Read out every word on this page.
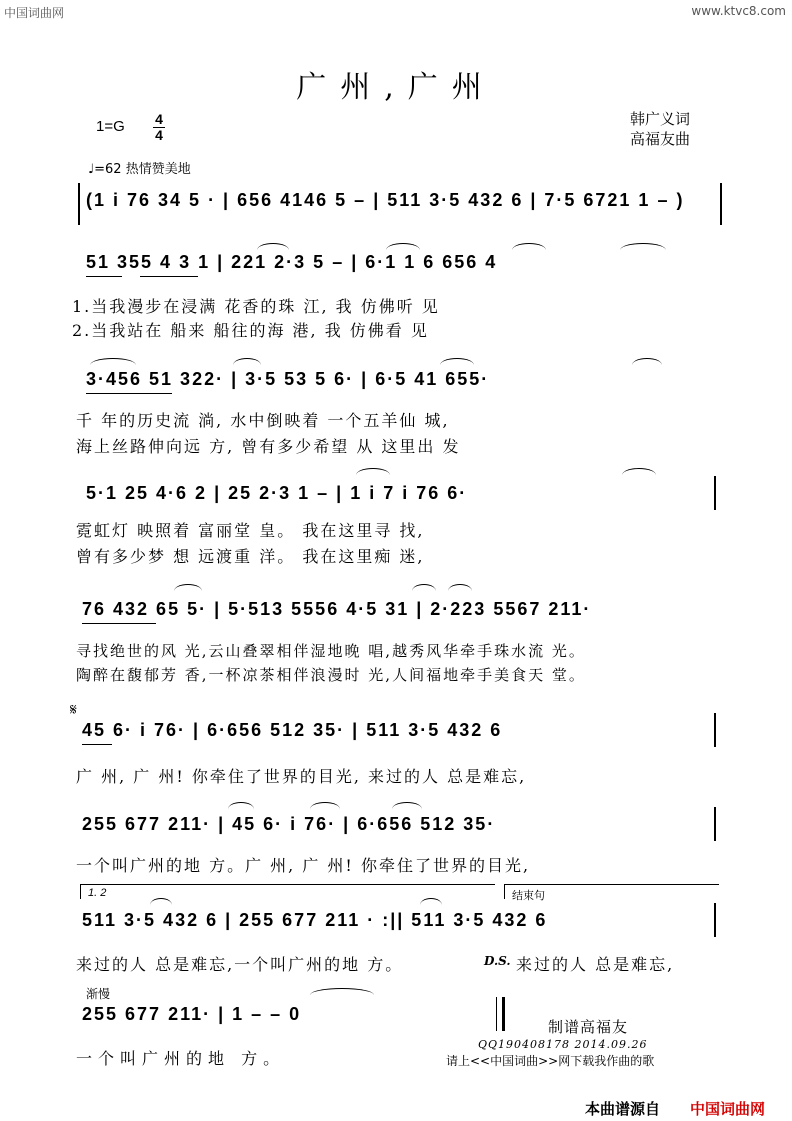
中国词曲网	www.ktvc8.com
广州,广州
1=G 4
4
♩=62 热情赞美地
韩广义词
高福友曲
(1 i 76 34 5 · | 656 4146 5 – | 511 3·5 432 6 | 7·5 6721 1 – )
51 355 4 3 1 | 221 2·3 5 – | 6·1 1 6 656 4
1.当我漫步在浸满 花香的珠 江, 我 仿佛听 见
2.当我站在 船来 船往的海 港, 我 仿佛看 见
3·456 51 322· | 3·5 53 5 6· | 6·5 41 655·
千 年的历史流 淌, 水中倒映着 一个五羊仙 城,
海上丝路伸向远 方, 曾有多少希望 从 这里出 发
5·1 25 4·6 2 | 25 2·3 1 – | 1 i 7 i 76 6·
霓虹灯 映照着 富丽堂 皇。 我在这里寻 找,
曾有多少梦 想 远渡重 洋。 我在这里痴 迷,
76 432 65 5· | 5·513 5556 4·5 31 | 2·223 5567 211·
寻找绝世的风 光,云山叠翠相伴湿地晚 唱,越秀风华牵手珠水流 光。
陶醉在馥郁芳 香,一杯凉茶相伴浪漫时 光,人间福地牵手美食天 堂。
𝄋
45 6· i 76· | 6·656 512 35· | 511 3·5 432 6
广 州, 广 州! 你牵住了世界的目光, 来过的人 总是难忘,
255 677 211· | 45 6· i 76· | 6·656 512 35·
一个叫广州的地 方。广 州, 广 州! 你牵住了世界的目光,
1. 2	结束句
511 3·5 432 6 | 255 677 211 · :|| 511 3·5 432 6
来过的人 总是难忘,一个叫广州的地 方。	D.S. 来过的人 总是难忘,
渐慢
255 677 211· | 1 – – 0
一个叫广州的地 方。
制谱高福友
QQ190408178 2014.09.26
请上<<中国词曲>>网下载我作曲的歌
本曲谱源自 中国词曲网
